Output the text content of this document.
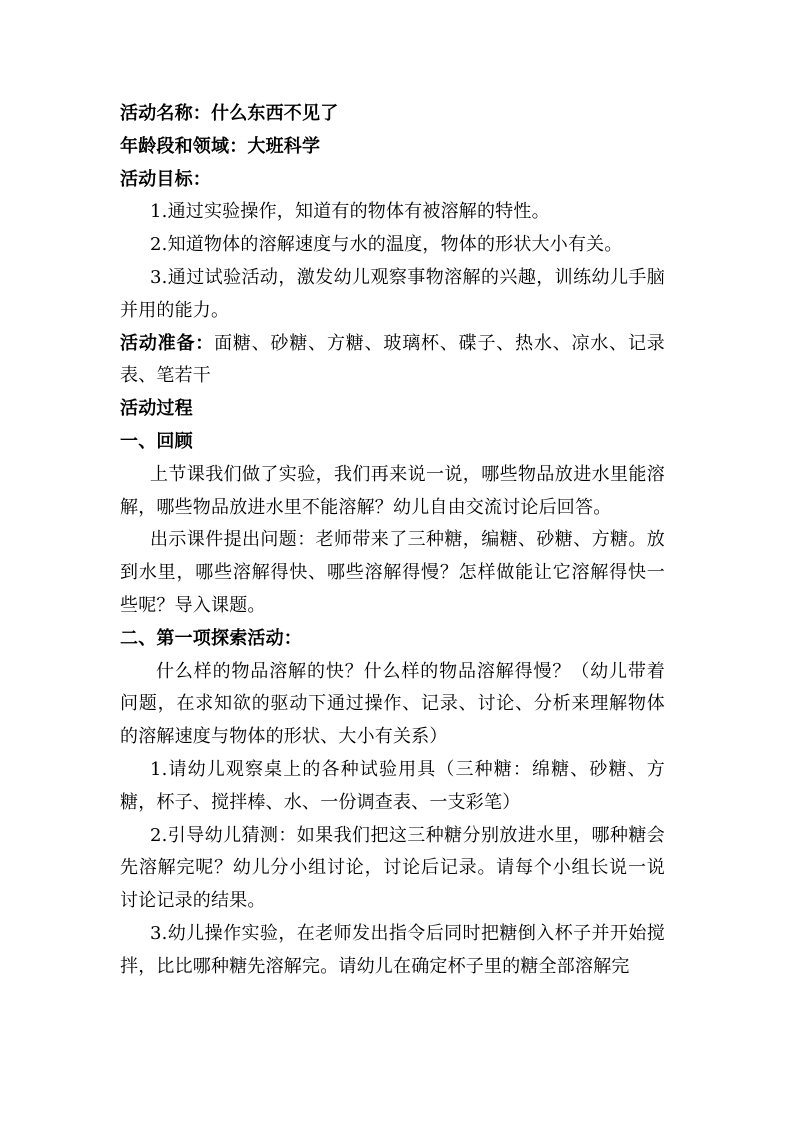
活动名称：什么东西不见了

年龄段和领域：大班科学

活动目标：

1.通过实验操作，知道有的物体有被溶解的特性。

2.知道物体的溶解速度与水的温度，物体的形状大小有关。

3.通过试验活动，激发幼儿观察事物溶解的兴趣，训练幼儿手脑并用的能力。

活动准备：面糖、砂糖、方糖、玻璃杯、碟子、热水、凉水、记录表、笔若干

活动过程

一、回顾

上节课我们做了实验，我们再来说一说，哪些物品放进水里能溶解，哪些物品放进水里不能溶解？幼儿自由交流讨论后回答。

出示课件提出问题：老师带来了三种糖，编糖、砂糖、方糖。放到水里，哪些溶解得快、哪些溶解得慢？怎样做能让它溶解得快一些呢？导入课题。

二、第一项探索活动：

什么样的物品溶解的快？什么样的物品溶解得慢？（幼儿带着问题，在求知欲的驱动下通过操作、记录、讨论、分析来理解物体的溶解速度与物体的形状、大小有关系）

1.请幼儿观察桌上的各种试验用具（三种糖：绵糖、砂糖、方糖，杯子、搅拌棒、水、一份调查表、一支彩笔）

2.引导幼儿猜测：如果我们把这三种糖分别放进水里，哪种糖会先溶解完呢？幼儿分小组讨论，讨论后记录。请每个小组长说一说讨论记录的结果。

3.幼儿操作实验，在老师发出指令后同时把糖倒入杯子并开始搅拌，比比哪种糖先溶解完。请幼儿在确定杯子里的糖全部溶解完
